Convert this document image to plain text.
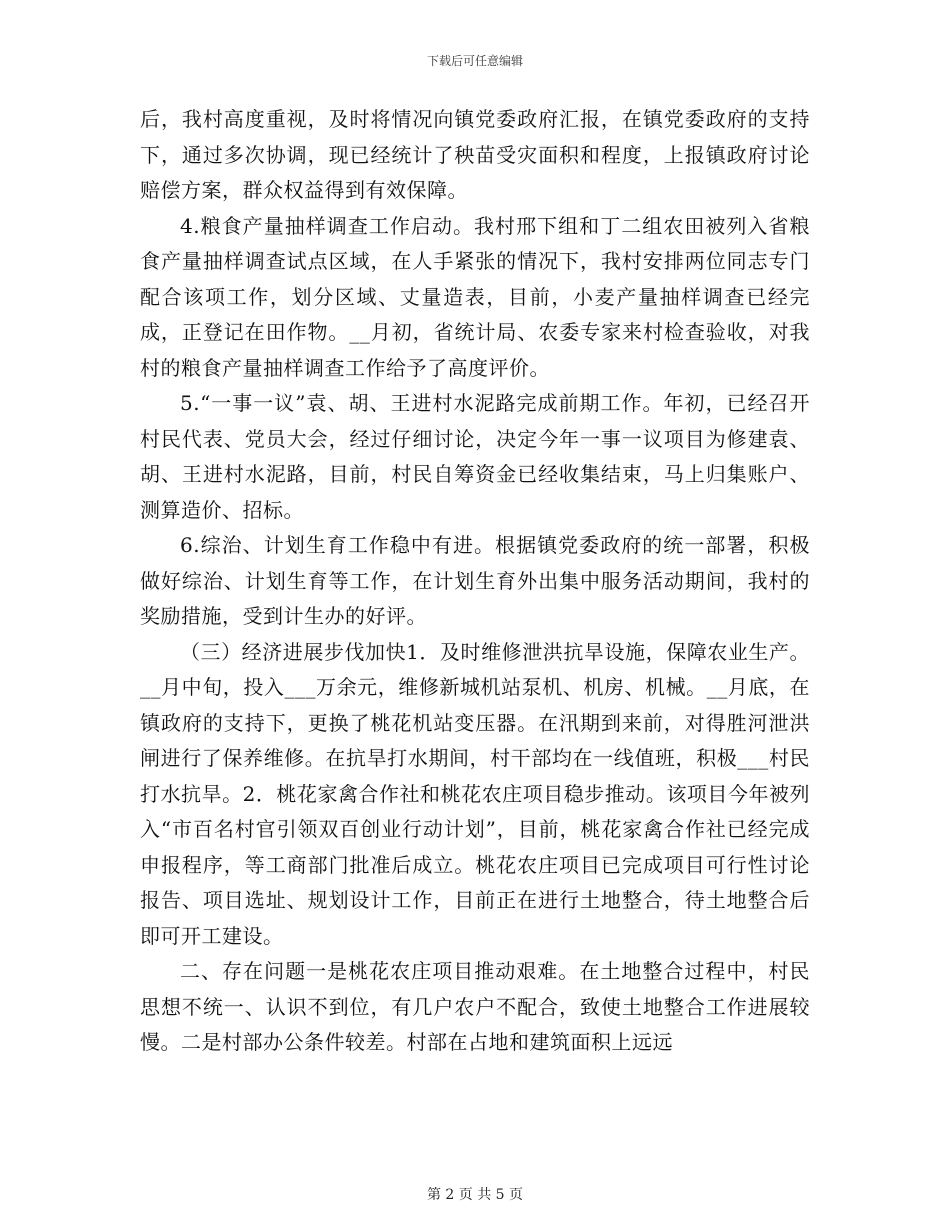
下载后可任意编辑

后，我村高度重视，及时将情况向镇党委政府汇报，在镇党委政府的支持下，通过多次协调，现已经统计了秧苗受灾面积和程度，上报镇政府讨论赔偿方案，群众权益得到有效保障。

4.粮食产量抽样调查工作启动。我村邢下组和丁二组农田被列入省粮食产量抽样调查试点区域，在人手紧张的情况下，我村安排两位同志专门配合该项工作，划分区域、丈量造表，目前，小麦产量抽样调查已经完成，正登记在田作物。__月初，省统计局、农委专家来村检查验收，对我村的粮食产量抽样调查工作给予了高度评价。

5.“一事一议”袁、胡、王进村水泥路完成前期工作。年初，已经召开村民代表、党员大会，经过仔细讨论，决定今年一事一议项目为修建袁、胡、王进村水泥路，目前，村民自筹资金已经收集结束，马上归集账户、测算造价、招标。

6.综治、计划生育工作稳中有进。根据镇党委政府的统一部署，积极做好综治、计划生育等工作，在计划生育外出集中服务活动期间，我村的奖励措施，受到计生办的好评。

（三）经济进展步伐加快1．及时维修泄洪抗旱设施，保障农业生产。__月中旬，投入___万余元，维修新城机站泵机、机房、机械。__月底，在镇政府的支持下，更换了桃花机站变压器。在汛期到来前，对得胜河泄洪闸进行了保养维修。在抗旱打水期间，村干部均在一线值班，积极___村民打水抗旱。2．桃花家禽合作社和桃花农庄项目稳步推动。该项目今年被列入“市百名村官引领双百创业行动计划”，目前，桃花家禽合作社已经完成申报程序，等工商部门批准后成立。桃花农庄项目已完成项目可行性讨论报告、项目选址、规划设计工作，目前正在进行土地整合，待土地整合后即可开工建设。

二、存在问题一是桃花农庄项目推动艰难。在土地整合过程中，村民思想不统一、认识不到位，有几户农户不配合，致使土地整合工作进展较慢。二是村部办公条件较差。村部在占地和建筑面积上远远

第 2 页 共 5 页
